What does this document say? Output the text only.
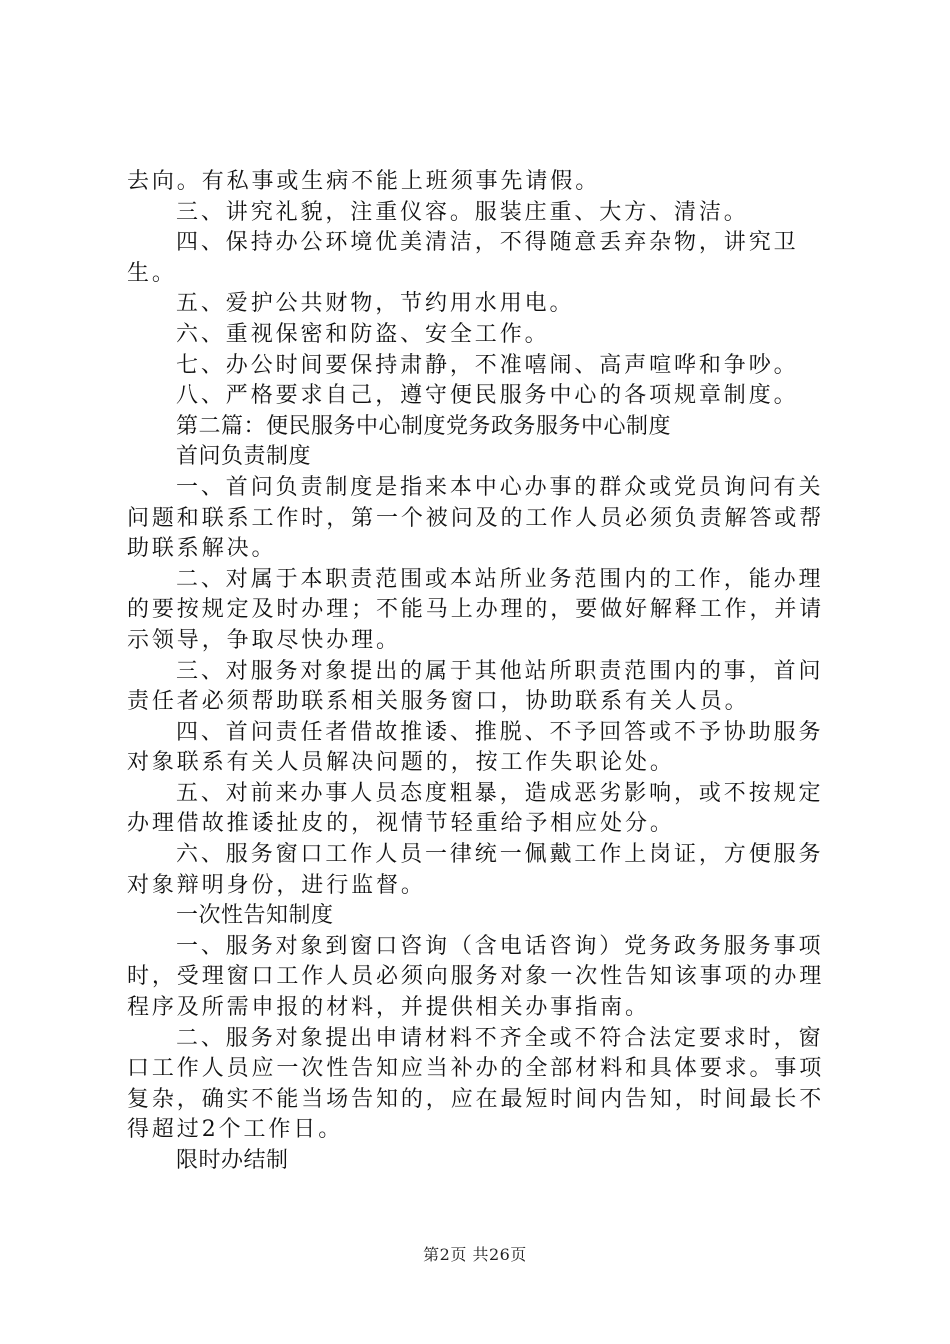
去向。有私事或生病不能上班须事先请假。

三、讲究礼貌，注重仪容。服装庄重、大方、清洁。

四、保持办公环境优美清洁，不得随意丢弃杂物，讲究卫生。

五、爱护公共财物，节约用水用电。

六、重视保密和防盗、安全工作。

七、办公时间要保持肃静，不准嘻闹、高声喧哗和争吵。

八、严格要求自己，遵守便民服务中心的各项规章制度。

第二篇：便民服务中心制度党务政务服务中心制度

首问负责制度

一、首问负责制度是指来本中心办事的群众或党员询问有关问题和联系工作时，第一个被问及的工作人员必须负责解答或帮助联系解决。

二、对属于本职责范围或本站所业务范围内的工作，能办理的要按规定及时办理；不能马上办理的，要做好解释工作，并请示领导，争取尽快办理。

三、对服务对象提出的属于其他站所职责范围内的事，首问责任者必须帮助联系相关服务窗口，协助联系有关人员。

四、首问责任者借故推诿、推脱、不予回答或不予协助服务对象联系有关人员解决问题的，按工作失职论处。

五、对前来办事人员态度粗暴，造成恶劣影响，或不按规定办理借故推诿扯皮的，视情节轻重给予相应处分。

六、服务窗口工作人员一律统一佩戴工作上岗证，方便服务对象辩明身份，进行监督。

一次性告知制度

一、服务对象到窗口咨询（含电话咨询）党务政务服务事项时，受理窗口工作人员必须向服务对象一次性告知该事项的办理程序及所需申报的材料，并提供相关办事指南。

二、服务对象提出申请材料不齐全或不符合法定要求时，窗口工作人员应一次性告知应当补办的全部材料和具体要求。事项复杂，确实不能当场告知的，应在最短时间内告知，时间最长不得超过2个工作日。

限时办结制

第2页 共26页
